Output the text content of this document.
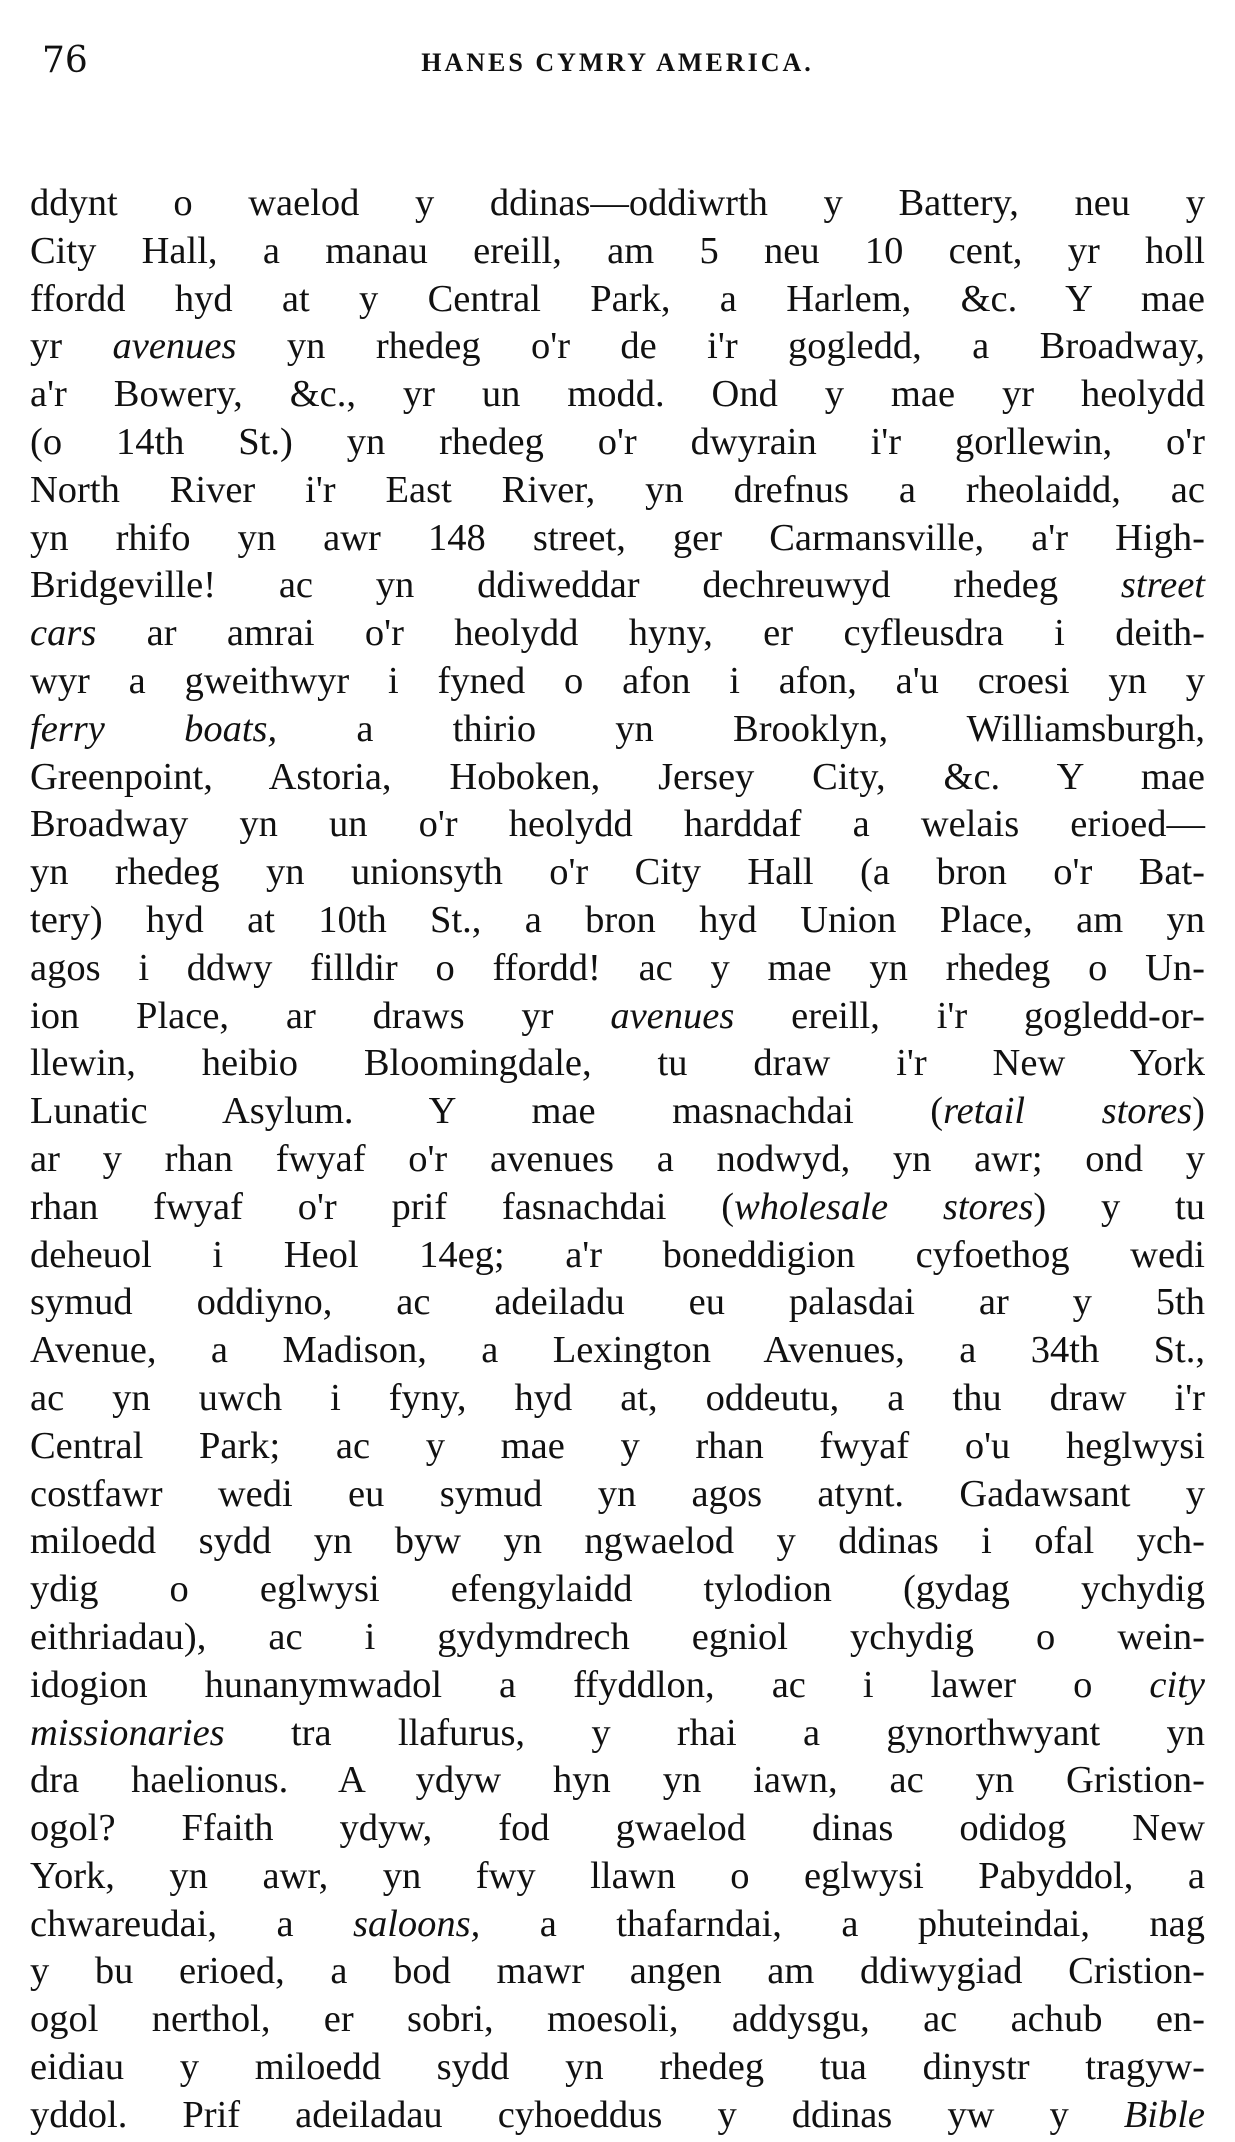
76	HANES CYMRY AMERICA.
ddynt o waelod y ddinas—oddiwrth y Battery, neu y
City Hall, a manau ereill, am 5 neu 10 cent, yr holl
ffordd hyd at y Central Park, a Harlem, &c. Y mae
yr avenues yn rhedeg o'r de i'r gogledd, a Broadway,
a'r Bowery, &c., yr un modd. Ond y mae yr heolydd
(o 14th St.) yn rhedeg o'r dwyrain i'r gorllewin, o'r
North River i'r East River, yn drefnus a rheolaidd, ac
yn rhifo yn awr 148 street, ger Carmansville, a'r High-
Bridgeville! ac yn ddiweddar dechreuwyd rhedeg street
cars ar amrai o'r heolydd hyny, er cyfleusdra i deith-
wyr a gweithwyr i fyned o afon i afon, a'u croesi yn y
ferry boats, a thirio yn Brooklyn, Williamsburgh,
Greenpoint, Astoria, Hoboken, Jersey City, &c. Y mae
Broadway yn un o'r heolydd harddaf a welais erioed—
yn rhedeg yn unionsyth o'r City Hall (a bron o'r Bat-
tery) hyd at 10th St., a bron hyd Union Place, am yn
agos i ddwy filldir o ffordd! ac y mae yn rhedeg o Un-
ion Place, ar draws yr avenues ereill, i'r gogledd-or-
llewin, heibio Bloomingdale, tu draw i'r New York
Lunatic Asylum. Y mae masnachdai (retail stores)
ar y rhan fwyaf o'r avenues a nodwyd, yn awr; ond y
rhan fwyaf o'r prif fasnachdai (wholesale stores) y tu
deheuol i Heol 14eg; a'r boneddigion cyfoethog wedi
symud oddiyno, ac adeiladu eu palasdai ar y 5th
Avenue, a Madison, a Lexington Avenues, a 34th St.,
ac yn uwch i fyny, hyd at, oddeutu, a thu draw i'r
Central Park; ac y mae y rhan fwyaf o'u heglwysi
costfawr wedi eu symud yn agos atynt. Gadawsant y
miloedd sydd yn byw yn ngwaelod y ddinas i ofal ych-
ydig o eglwysi efengylaidd tylodion (gydag ychydig
eithriadau), ac i gydymdrech egniol ychydig o wein-
idogion hunanymwadol a ffyddlon, ac i lawer o city
missionaries tra llafurus, y rhai a gynorthwyant yn
dra haelionus. A ydyw hyn yn iawn, ac yn Gristion-
ogol? Ffaith ydyw, fod gwaelod dinas odidog New
York, yn awr, yn fwy llawn o eglwysi Pabyddol, a
chwareudai, a saloons, a thafarndai, a phuteindai, nag
y bu erioed, a bod mawr angen am ddiwygiad Cristion-
ogol nerthol, er sobri, moesoli, addysgu, ac achub en-
eidiau y miloedd sydd yn rhedeg tua dinystr tragyw-
yddol. Prif adeiladau cyhoeddus y ddinas yw y Bible
